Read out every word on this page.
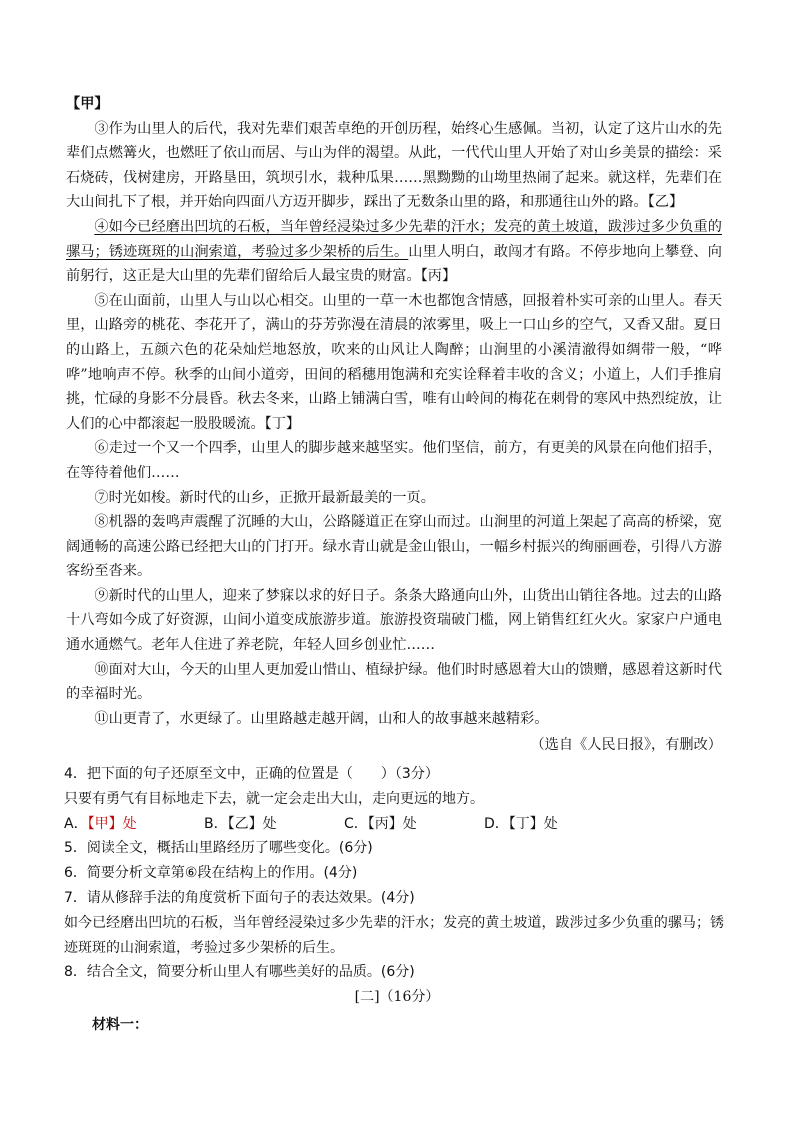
【甲】

③作为山里人的后代，我对先辈们艰苦卓绝的开创历程，始终心生感佩。当初，认定了这片山水的先辈们点燃篝火，也燃旺了依山而居、与山为伴的渴望。从此，一代代山里人开始了对山乡美景的描绘：采石烧砖，伐树建房，开路垦田，筑坝引水，栽种瓜果……黑黝黝的山坳里热闹了起来。就这样，先辈们在大山间扎下了根，并开始向四面八方迈开脚步，踩出了无数条山里的路，和那通往山外的路。【乙】

④如今已经磨出凹坑的石板，当年曾经浸染过多少先辈的汗水；发亮的黄土坡道，跋涉过多少负重的骡马；锈迹斑斑的山涧索道，考验过多少架桥的后生。山里人明白，敢闯才有路。不停步地向上攀登、向前躬行，这正是大山里的先辈们留给后人最宝贵的财富。【丙】

⑤在山面前，山里人与山以心相交。山里的一草一木也都饱含情感，回报着朴实可亲的山里人。春天里，山路旁的桃花、李花开了，满山的芬芳弥漫在清晨的浓雾里，吸上一口山乡的空气，又香又甜。夏日的山路上，五颜六色的花朵灿烂地怒放，吹来的山风让人陶醉；山涧里的小溪清澈得如绸带一般，“哗哗”地响声不停。秋季的山间小道旁，田间的稻穗用饱满和充实诠释着丰收的含义；小道上，人们手推肩挑，忙碌的身影不分晨昏。秋去冬来，山路上铺满白雪，唯有山岭间的梅花在刺骨的寒风中热烈绽放，让人们的心中都滚起一股股暖流。【丁】

⑥走过一个又一个四季，山里人的脚步越来越坚实。他们坚信，前方，有更美的风景在向他们招手，在等待着他们……

⑦时光如梭。新时代的山乡，正掀开最新最美的一页。

⑧机器的轰鸣声震醒了沉睡的大山，公路隧道正在穿山而过。山涧里的河道上架起了高高的桥梁，宽阔通畅的高速公路已经把大山的门打开。绿水青山就是金山银山，一幅乡村振兴的绚丽画卷，引得八方游客纷至沓来。

⑨新时代的山里人，迎来了梦寐以求的好日子。条条大路通向山外，山货出山销往各地。过去的山路十八弯如今成了好资源，山间小道变成旅游步道。旅游投资瑞破门槛，网上销售红红火火。家家户户通电通水通燃气。老年人住进了养老院，年轻人回乡创业忙……

⑩面对大山，今天的山里人更加爱山惜山、植绿护绿。他们时时感恩着大山的馈赠，感恩着这新时代的幸福时光。

⑪山更青了，水更绿了。山里路越走越开阔，山和人的故事越来越精彩。

（选自《人民日报》，有删改）

4．把下面的句子还原至文中，正确的位置是（　　）（3分）

只要有勇气有目标地走下去，就一定会走出大山，走向更远的地方。

A．【甲】处	B．【乙】处	C．【丙】处	D．【丁】处

5．阅读全文，概括山里路经历了哪些变化。(6分)

6．简要分析文章第⑥段在结构上的作用。(4分)

7．请从修辞手法的角度赏析下面句子的表达效果。(4分)

如今已经磨出凹坑的石板，当年曾经浸染过多少先辈的汗水；发亮的黄土坡道，跋涉过多少负重的骡马；锈迹斑斑的山涧索道，考验过多少架桥的后生。

8．结合全文，简要分析山里人有哪些美好的品质。(6分)

[二]（16分）
材料一：
